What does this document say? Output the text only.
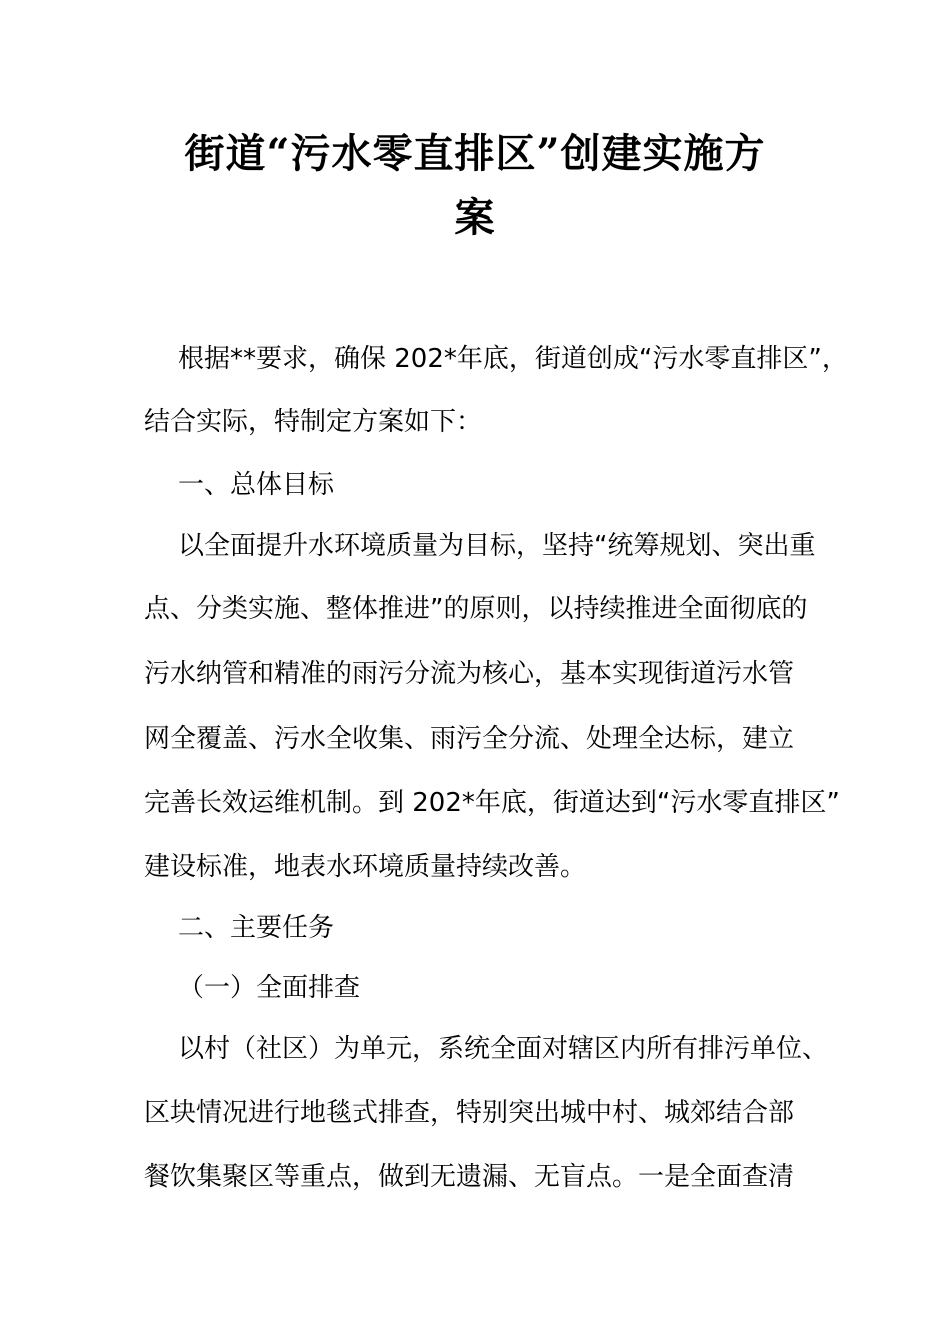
街道“污水零直排区”创建实施方
案
根据**要求，确保 202*年底，街道创成“污水零直排区”，
结合实际，特制定方案如下：
一、总体目标
以全面提升水环境质量为目标，坚持“统筹规划、突出重
点、分类实施、整体推进”的原则，以持续推进全面彻底的
污水纳管和精准的雨污分流为核心，基本实现街道污水管
网全覆盖、污水全收集、雨污全分流、处理全达标，建立
完善长效运维机制。到 202*年底，街道达到“污水零直排区”
建设标准，地表水环境质量持续改善。
二、主要任务
（一）全面排查
以村（社区）为单元，系统全面对辖区内所有排污单位、
区块情况进行地毯式排查，特别突出城中村、城郊结合部
餐饮集聚区等重点，做到无遗漏、无盲点。一是全面查清
